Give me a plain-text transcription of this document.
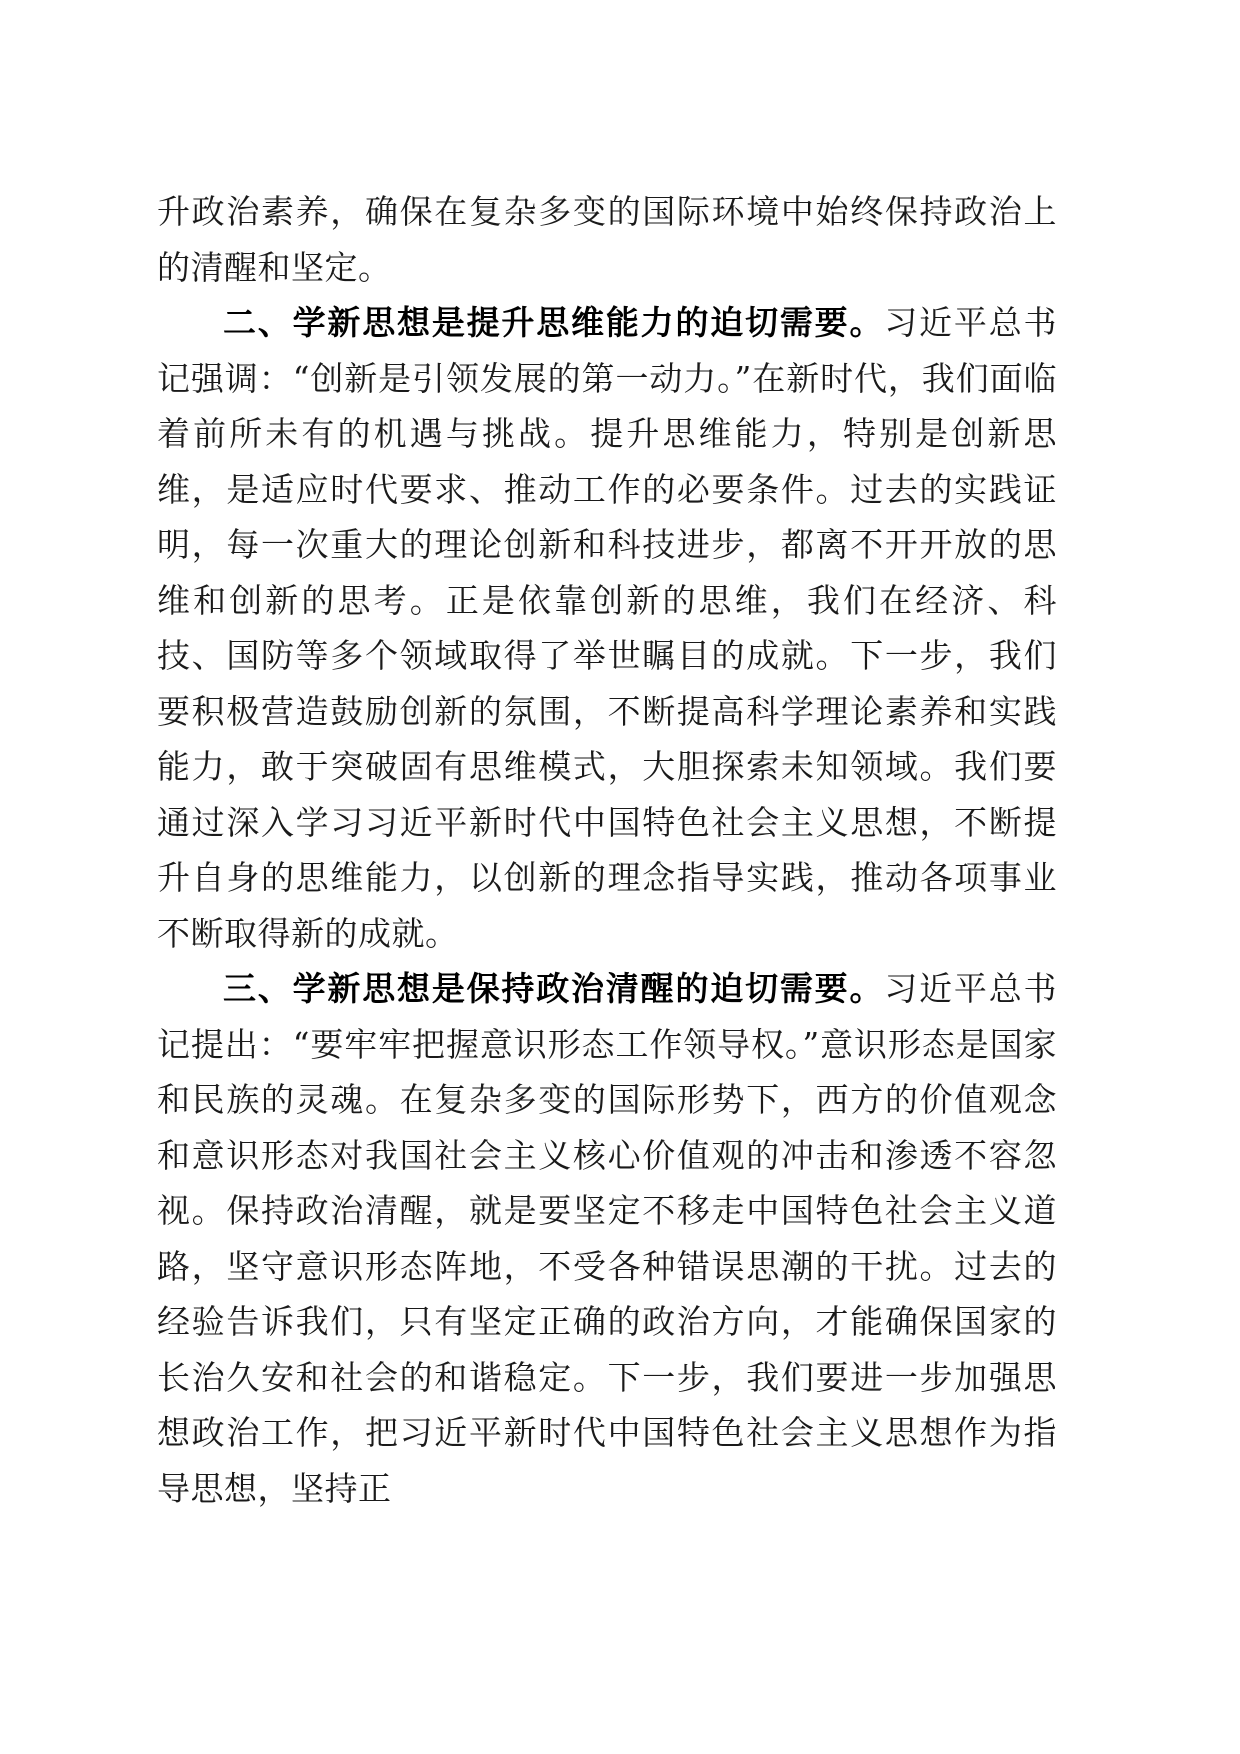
升政治素养，确保在复杂多变的国际环境中始终保持政治上的清醒和坚定。

二、学新思想是提升思维能力的迫切需要。习近平总书记强调：“创新是引领发展的第一动力。”在新时代，我们面临着前所未有的机遇与挑战。提升思维能力，特别是创新思维，是适应时代要求、推动工作的必要条件。过去的实践证明，每一次重大的理论创新和科技进步，都离不开开放的思维和创新的思考。正是依靠创新的思维，我们在经济、科技、国防等多个领域取得了举世瞩目的成就。下一步，我们要积极营造鼓励创新的氛围，不断提高科学理论素养和实践能力，敢于突破固有思维模式，大胆探索未知领域。我们要通过深入学习习近平新时代中国特色社会主义思想，不断提升自身的思维能力，以创新的理念指导实践，推动各项事业不断取得新的成就。

三、学新思想是保持政治清醒的迫切需要。习近平总书记提出：“要牢牢把握意识形态工作领导权。”意识形态是国家和民族的灵魂。在复杂多变的国际形势下，西方的价值观念和意识形态对我国社会主义核心价值观的冲击和渗透不容忽视。保持政治清醒，就是要坚定不移走中国特色社会主义道路，坚守意识形态阵地，不受各种错误思潮的干扰。过去的经验告诉我们，只有坚定正确的政治方向，才能确保国家的长治久安和社会的和谐稳定。下一步，我们要进一步加强思想政治工作，把习近平新时代中国特色社会主义思想作为指导思想，坚持正
